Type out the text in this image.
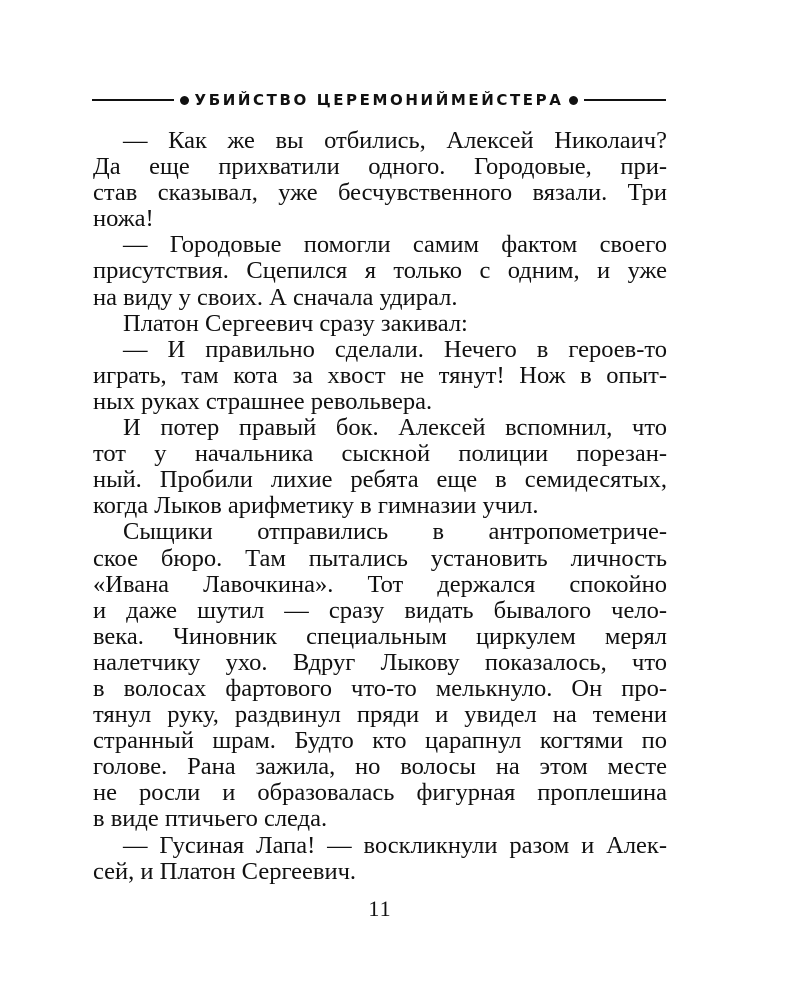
УБИЙСТВО ЦЕРЕМОНИЙМЕЙСТЕРА
— Как же вы отбились, Алексей Николаич?
Да еще прихватили одного. Городовые, при-
став сказывал, уже бесчувственного вязали. Три
ножа!
— Городовые помогли самим фактом своего
присутствия. Сцепился я только с одним, и уже
на виду у своих. А сначала удирал.
Платон Сергеевич сразу закивал:
— И правильно сделали. Нечего в героев-то
играть, там кота за хвост не тянут! Нож в опыт-
ных руках страшнее револьвера.
И потер правый бок. Алексей вспомнил, что
тот у начальника сыскной полиции порезан-
ный. Пробили лихие ребята еще в семидесятых,
когда Лыков арифметику в гимназии учил.
Сыщики отправились в антропометриче-
ское бюро. Там пытались установить личность
«Ивана Лавочкина». Тот держался спокойно
и даже шутил — сразу видать бывалого чело-
века. Чиновник специальным циркулем мерял
налетчику ухо. Вдруг Лыкову показалось, что
в волосах фартового что-то мелькнуло. Он про-
тянул руку, раздвинул пряди и увидел на темени
странный шрам. Будто кто царапнул когтями по
голове. Рана зажила, но волосы на этом месте
не росли и образовалась фигурная проплешина
в виде птичьего следа.
— Гусиная Лапа! — воскликнули разом и Алек-
сей, и Платон Сергеевич.
11
